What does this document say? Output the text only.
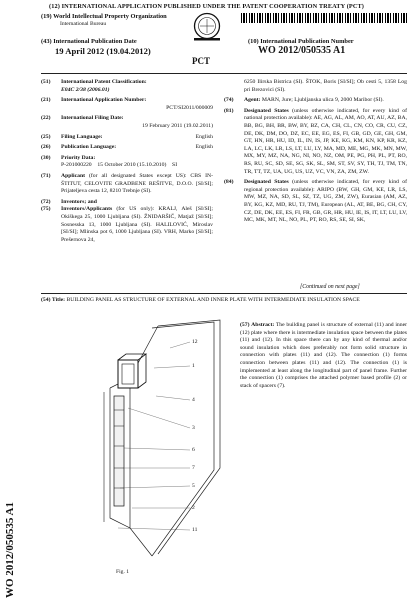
(12) INTERNATIONAL APPLICATION PUBLISHED UNDER THE PATENT COOPERATION TREATY (PCT)
(19) World Intellectual Property Organization
International Bureau
(43) International Publication Date
19 April 2012 (19.04.2012)
PCT
(10) International Publication Number
WO 2012/050535 A1
(51) International Patent Classification:
E04C 2/38 (2006.01)
(21) International Application Number:
PCT/SI2011/000009
(22) International Filing Date:
19 February 2011 (19.02.2011)
(25) Filing Language:	English
(26) Publication Language:	English
(30) Priority Data:
P-201000220    15 October 2010 (15.10.2010)    SI
(71) Applicant (for all designated States except US): CBS IN-ŠTITUT, CELOVITE GRADBENE REŠITVE, D.O.O. [SI/SI]; Prijateljeva cesta 12, 8210 Trebnje (SI).
(72) Inventors; and
(75) Inventors/Applicants (for US only): KRALJ, Aleš [SI/SI]; Okiškega 25, 1000 Ljubljana (SI). ŽNIDARŠIČ, Matjaž [SI/SI]; Sosnesska 13, 1000 Ljubljana (SI). HALILOVIĆ, Miroslav [SI/SI]; Mlinska pot 6, 1000 Ljubljana (SI). VRH, Marko [SI/SI]; Prešernova 24,
6250 Ilirska Bistrica (SI). ŠTOK, Boris [SI/SI]; Ob cesti 5, 1358 Log pri Brezovici (SI).
(74) Agent: MARN, Jure; Ljubljanska ulica 9, 2000 Maribor (SI).
(81) Designated States (unless otherwise indicated, for every kind of national protection available): AE, AG, AL, AM, AO, AT, AU, AZ, BA, BB, BG, BH, BR, BW, BY, BZ, CA, CH, CL, CN, CO, CR, CU, CZ, DE, DK, DM, DO, DZ, EC, EE, EG, ES, FI, GB, GD, GE, GH, GM, GT, HN, HR, HU, ID, IL, IN, IS, JP, KE, KG, KM, KN, KP, KR, KZ, LA, LC, LK, LR, LS, LT, LU, LY, MA, MD, ME, MG, MK, MN, MW, MX, MY, MZ, NA, NG, NI, NO, NZ, OM, PE, PG, PH, PL, PT, RO, RS, RU, SC, SD, SE, SG, SK, SL, SM, ST, SV, SY, TH, TJ, TM, TN, TR, TT, TZ, UA, UG, US, UZ, VC, VN, ZA, ZM, ZW.
(84) Designated States (unless otherwise indicated, for every kind of regional protection available): ARIPO (BW, GH, GM, KE, LR, LS, MW, MZ, NA, SD, SL, SZ, TZ, UG, ZM, ZW), Eurasian (AM, AZ, BY, KG, KZ, MD, RU, TJ, TM), European (AL, AT, BE, BG, CH, CY, CZ, DE, DK, EE, ES, FI, FR, GB, GR, HR, HU, IE, IS, IT, LT, LU, LV, MC, MK, MT, NL, NO, PL, PT, RO, RS, SE, SI, SK,
[Continued on next page]
(54) Title: BUILDING PANEL AS STRUCTURE OF EXTERNAL AND INNER PLATE WITH INTERMEDIATE INSULATION SPACE
12
1
4
3
6
7
5
2
11
Fig. 1
(57) Abstract: The building panel is structure of external (11) and inner (12) plate where there is intermediate insulation space between the plates (11) and (12). In this space there can by any kind of thermal and/or sound insulation which does preferably not form solid structure in connection with plates (11) and (12). The connection (1) forms connection between plates (11) and (12). The connection (1) is implemented at least along the longitudinal part of panel frame. Further the connection (1) comprises the attached polymer based profile (2) or stack of spacers (7).
WO 2012/050535 A1
